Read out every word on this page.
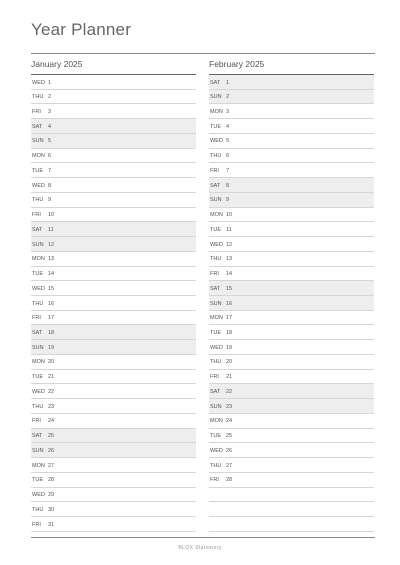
Year Planner
January 2025
WED 1
THU 2
FRI 3
SAT 4
SUN 5
MON 6
TUE 7
WED 8
THU 9
FRI 10
SAT 11
SUN 12
MON 13
TUE 14
WED 15
THU 16
FRI 17
SAT 18
SUN 19
MON 20
TUE 21
WED 22
THU 23
FRI 24
SAT 25
SUN 26
MON 27
TUE 28
WED 29
THU 30
FRI 31
February 2025
SAT 1
SUN 2
MON 3
TUE 4
WED 5
THU 6
FRI 7
SAT 8
SUN 9
MON 10
TUE 11
WED 12
THU 13
FRI 14
SAT 15
SUN 16
MON 17
TUE 18
WED 19
THU 20
FRI 21
SAT 22
SUN 23
MON 24
TUE 25
WED 26
THU 27
FRI 28
BLOX Stationery
